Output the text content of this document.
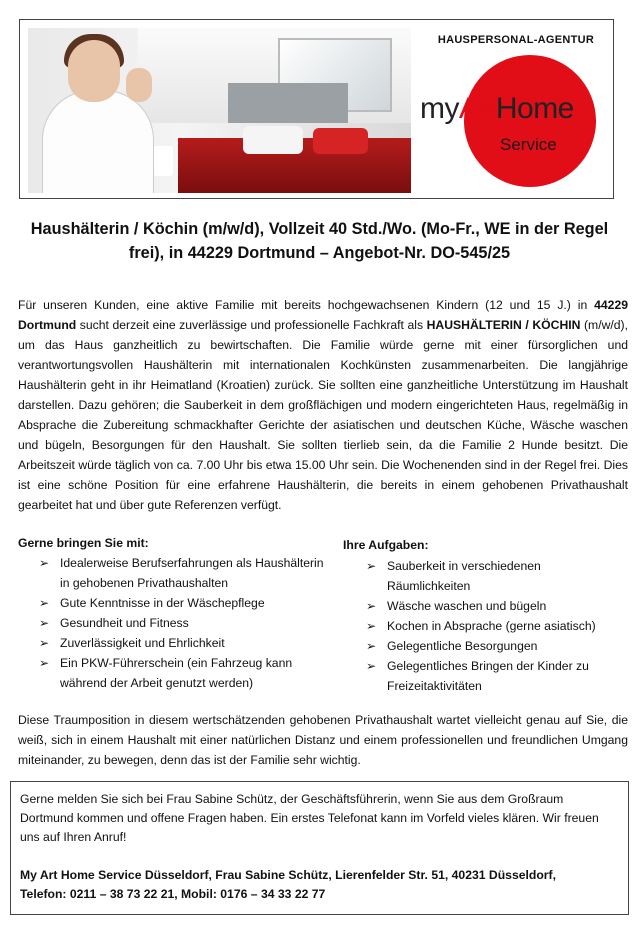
HAUSPERSONAL-AGENTUR
myArtHome
Service
Haushälterin / Köchin (m/w/d), Vollzeit 40 Std./Wo. (Mo-Fr., WE in der Regel
frei), in 44229 Dortmund – Angebot-Nr. DO-545/25
Für unseren Kunden, eine aktive Familie mit bereits hochgewachsenen Kindern (12 und 15 J.) in 44229 Dortmund sucht derzeit eine zuverlässige und professionelle Fachkraft als HAUSHÄLTERIN / KÖCHIN (m/w/d), um das Haus ganzheitlich zu bewirtschaften. Die Familie würde gerne mit einer fürsorglichen und verantwortungsvollen Haushälterin mit internationalen Kochkünsten zusammenarbeiten. Die langjährige Haushälterin geht in ihr Heimatland (Kroatien) zurück. Sie sollten eine ganzheitliche Unterstützung im Haushalt darstellen. Dazu gehören; die Sauberkeit in dem großflächigen und modern eingerichteten Haus, regelmäßig in Absprache die Zubereitung schmackhafter Gerichte der asiatischen und deutschen Küche, Wäsche waschen und bügeln, Besorgungen für den Haushalt. Sie sollten tierlieb sein, da die Familie 2 Hunde besitzt. Die Arbeitszeit würde täglich von ca. 7.00 Uhr bis etwa 15.00 Uhr sein. Die Wochenenden sind in der Regel frei. Dies ist eine schöne Position für eine erfahrene Haushälterin, die bereits in einem gehobenen Privathaushalt gearbeitet hat und über gute Referenzen verfügt.
Gerne bringen Sie mit:
➢ Idealerweise Berufserfahrungen als Haushälterin in gehobenen Privathaushalten
➢ Gute Kenntnisse in der Wäschepflege
➢ Gesundheit und Fitness
➢ Zuverlässigkeit und Ehrlichkeit
➢ Ein PKW-Führerschein (ein Fahrzeug kann während der Arbeit genutzt werden)
Ihre Aufgaben:
➢ Sauberkeit in verschiedenen Räumlichkeiten
➢ Wäsche waschen und bügeln
➢ Kochen in Absprache (gerne asiatisch)
➢ Gelegentliche Besorgungen
➢ Gelegentliches Bringen der Kinder zu Freizeitaktivitäten
Diese Traumposition in diesem wertschätzenden gehobenen Privathaushalt wartet vielleicht genau auf Sie, die weiß, sich in einem Haushalt mit einer natürlichen Distanz und einem professionellen und freundlichen Umgang miteinander, zu bewegen, denn das ist der Familie sehr wichtig.
Gerne melden Sie sich bei Frau Sabine Schütz, der Geschäftsführerin, wenn Sie aus dem Großraum Dortmund kommen und offene Fragen haben. Ein erstes Telefonat kann im Vorfeld vieles klären. Wir freuen uns auf Ihren Anruf!
My Art Home Service Düsseldorf, Frau Sabine Schütz, Lierenfelder Str. 51, 40231 Düsseldorf,
Telefon: 0211 – 38 73 22 21, Mobil: 0176 – 34 33 22 77
